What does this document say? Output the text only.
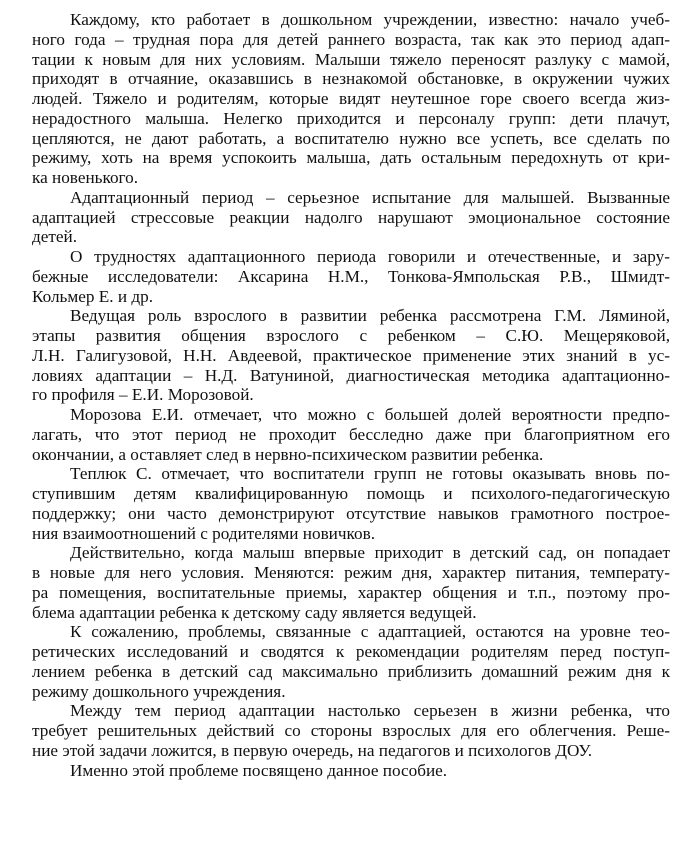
Каждому, кто работает в дошкольном учреждении, известно: начало учеб-
ного года – трудная пора для детей раннего возраста, так как это период адап-
тации к новым для них условиям. Малыши тяжело переносят разлуку с мамой,
приходят в отчаяние, оказавшись в незнакомой обстановке, в окружении чужих
людей. Тяжело и родителям, которые видят неутешное горе своего всегда жиз-
нерадостного малыша. Нелегко приходится и персоналу групп: дети плачут,
цепляются, не дают работать, а воспитателю нужно все успеть, все сделать по
режиму, хоть на время успокоить малыша, дать остальным передохнуть от кри-
ка новенького.

Адаптационный период – серьезное испытание для малышей. Вызванные
адаптацией стрессовые реакции надолго нарушают эмоциональное состояние
детей.

О трудностях адаптационного периода говорили и отечественные, и зару-
бежные исследователи: Аксарина Н.М., Тонкова-Ямпольская Р.В., Шмидт-
Кольмер Е. и др.

Ведущая роль взрослого в развитии ребенка рассмотрена Г.М. Ляминой,
этапы развития общения взрослого с ребенком – С.Ю. Мещеряковой,
Л.Н. Галигузовой, Н.Н. Авдеевой, практическое применение этих знаний в ус-
ловиях адаптации – Н.Д. Ватуниной, диагностическая методика адаптационно-
го профиля – Е.И. Морозовой.

Морозова Е.И. отмечает, что можно с большей долей вероятности предпо-
лагать, что этот период не проходит бесследно даже при благоприятном его
окончании, а оставляет след в нервно-психическом развитии ребенка.

Теплюк С. отмечает, что воспитатели групп не готовы оказывать вновь по-
ступившим детям квалифицированную помощь и психолого-педагогическую
поддержку; они часто демонстрируют отсутствие навыков грамотного построе-
ния взаимоотношений с родителями новичков.

Действительно, когда малыш впервые приходит в детский сад, он попадает
в новые для него условия. Меняются: режим дня, характер питания, температу-
ра помещения, воспитательные приемы, характер общения и т.п., поэтому про-
блема адаптации ребенка к детскому саду является ведущей.

К сожалению, проблемы, связанные с адаптацией, остаются на уровне тео-
ретических исследований и сводятся к рекомендации родителям перед поступ-
лением ребенка в детский сад максимально приблизить домашний режим дня к
режиму дошкольного учреждения.

Между тем период адаптации настолько серьезен в жизни ребенка, что
требует решительных действий со стороны взрослых для его облегчения. Реше-
ние этой задачи ложится, в первую очередь, на педагогов и психологов ДОУ.

Именно этой проблеме посвящено данное пособие.
